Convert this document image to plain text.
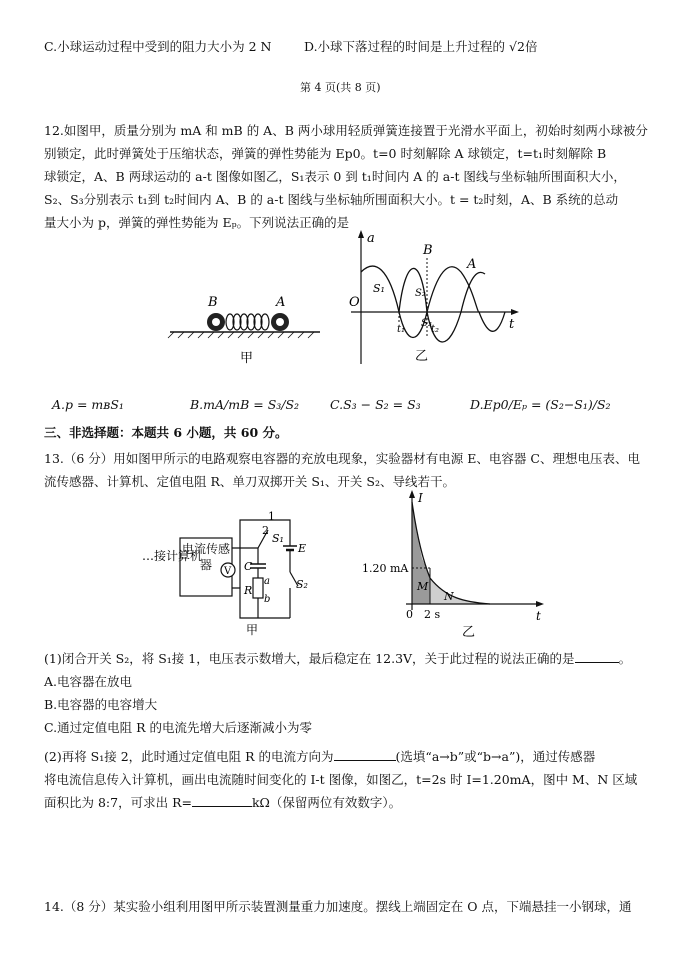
C.小球运动过程中受到的阻力大小为 2 N	D.小球下落过程的时间是上升过程的 √2倍
第 4 页(共 8 页)
12.如图甲，质量分别为 mA 和 mB 的 A、B 两小球用轻质弹簧连接置于光滑水平面上，初始时刻两小球被分
别锁定，此时弹簧处于压缩状态，弹簧的弹性势能为 Ep0。t=0 时刻解除 A 球锁定，t=t₁时刻解除 B
球锁定，A、B 两球运动的 a-t 图像如图乙，S₁表示 0 到 t₁时间内 A 的 a-t 图线与坐标轴所围面积大小，
S₂、S₃分别表示 t₁到 t₂时间内 A、B 的 a-t 图线与坐标轴所围面积大小。t = t₂时刻，A、B 系统的总动
量大小为 p，弹簧的弹性势能为 Eₚ。下列说法正确的是
B	A
甲
a
t
O
S₁	S₂
S₃
t₁	t₂
B
A
乙
A.p = mʙS₁	B.mA/mB = S₃/S₂ C.S₃ − S₂ = S₃	D.Ep0/Eₚ = (S₂−S₁)/S₂
三、非选择题：本题共 6 小题，共 60 分。
13.（6 分）用如图甲所示的电路观察电容器的充放电现象，实验器材有电源 E、电容器 C、理想电压表、电
流传感器、计算机、定值电阻 R、单刀双掷开关 S₁、开关 S₂、导线若干。
…接计算机
电流传感器	V C
R
a
b
2
1
S₁
E
S₂
甲
I
t
1.20 mA
0 2 s
M
N
乙
(1)闭合开关 S₂，将 S₁接 1，电压表示数增大，最后稳定在 12.3V，关于此过程的说法正确的是	。
A.电容器在放电
B.电容器的电容增大
C.通过定值电阻 R 的电流先增大后逐渐减小为零
(2)再将 S₁接 2，此时通过定值电阻 R 的电流方向为	(选填“a→b”或“b→a”)，通过传感器
将电流信息传入计算机，画出电流随时间变化的 I-t 图像，如图乙，t=2s 时 I=1.20mA，图中 M、N 区域
面积比为 8:7，可求出 R=	kΩ（保留两位有效数字）。
14.（8 分）某实验小组利用图甲所示装置测量重力加速度。摆线上端固定在 O 点，下端悬挂一小钢球，通
